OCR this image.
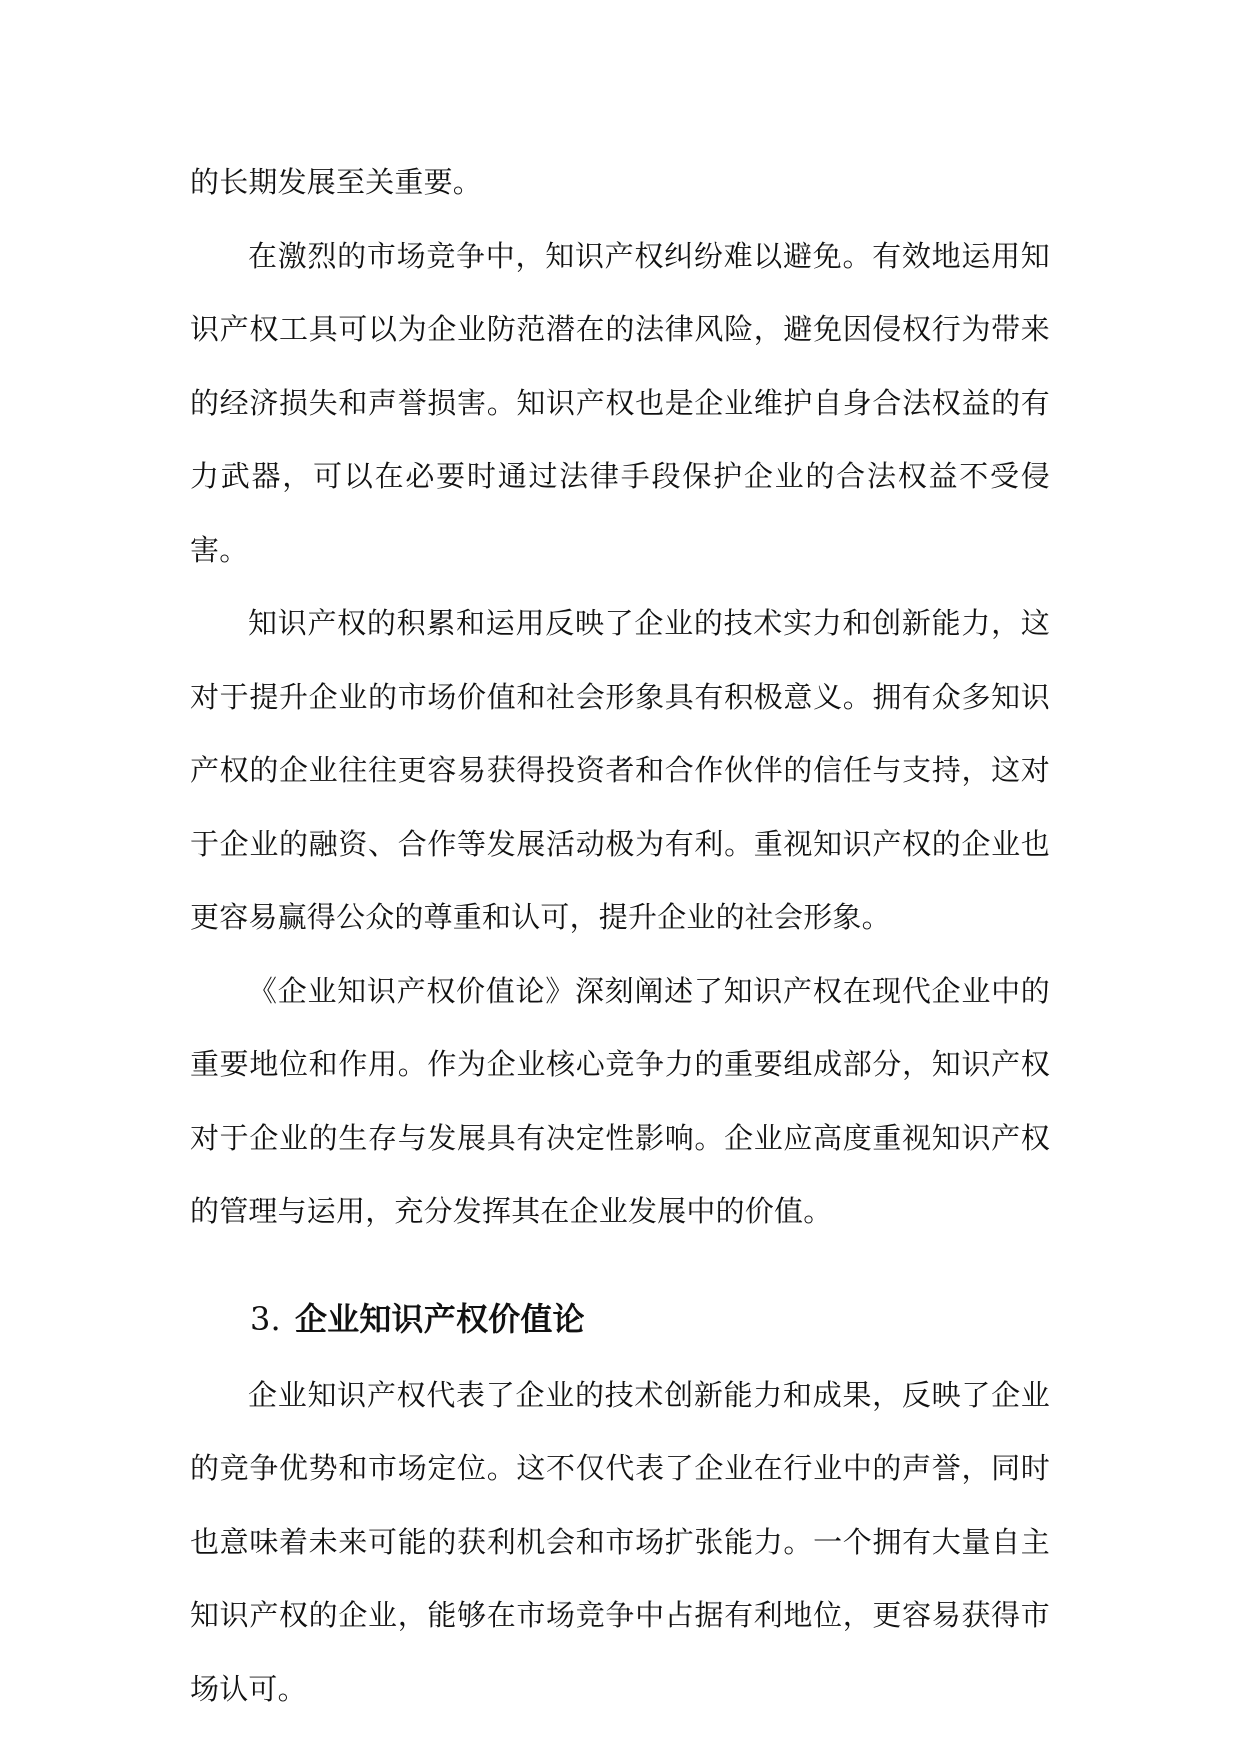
的长期发展至关重要。

在激烈的市场竞争中，知识产权纠纷难以避免。有效地运用知识产权工具可以为企业防范潜在的法律风险，避免因侵权行为带来的经济损失和声誉损害。知识产权也是企业维护自身合法权益的有力武器，可以在必要时通过法律手段保护企业的合法权益不受侵害。

知识产权的积累和运用反映了企业的技术实力和创新能力，这对于提升企业的市场价值和社会形象具有积极意义。拥有众多知识产权的企业往往更容易获得投资者和合作伙伴的信任与支持，这对于企业的融资、合作等发展活动极为有利。重视知识产权的企业也更容易赢得公众的尊重和认可，提升企业的社会形象。

《企业知识产权价值论》深刻阐述了知识产权在现代企业中的重要地位和作用。作为企业核心竞争力的重要组成部分，知识产权对于企业的生存与发展具有决定性影响。企业应高度重视知识产权的管理与运用，充分发挥其在企业发展中的价值。

3. 企业知识产权价值论

企业知识产权代表了企业的技术创新能力和成果，反映了企业的竞争优势和市场定位。这不仅代表了企业在行业中的声誉，同时也意味着未来可能的获利机会和市场扩张能力。一个拥有大量自主知识产权的企业，能够在市场竞争中占据有利地位，更容易获得市场认可。
